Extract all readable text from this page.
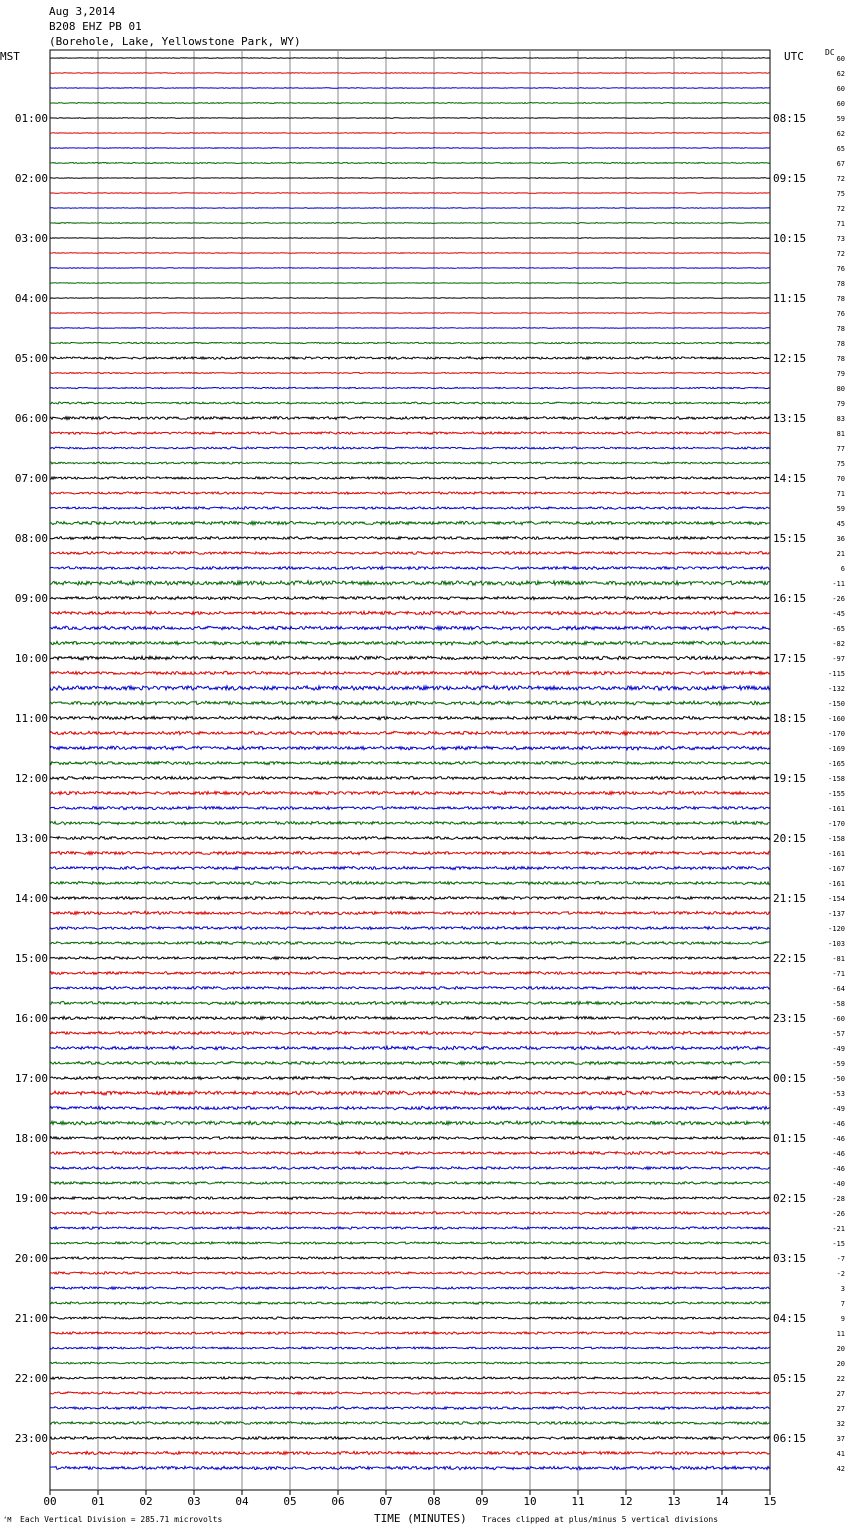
Aug 3,2014
B208 EHZ PB 01
(Borehole, Lake, Yellowstone Park, WY)
MST	UTC	DC
00	01	02	03	04	05	06	07	08	09	10	11	12	13	14	15
60
62
60
60
59
62
65
67
72
75
72
71
73
72
76
78
78
76
78
78
78
79
80
79
83
81
77
75
70
71
59
45
36
21
6
-11
-26
-45
-65
-82
-97
-115
-132
-150
-160
-170
-169
-165
-158
-155
-161
-170
-158
-161
-167
-161
-154
-137
-120
-103
-81
-71
-64
-58
-60
-57
-49
-59
-50
-53
-49
-46
-46
-46
-46
-40
-28
-26
-21
-15
-7
-2
3
7
9
11
20
20
22
27
27
32
37
41
42
01:00	08:15
02:00	09:15
03:00	10:15
04:00	11:15
05:00	12:15
06:00	13:15
07:00	14:15
08:00	15:15
09:00	16:15
10:00	17:15
11:00	18:15
12:00	19:15
13:00	20:15
14:00	21:15
15:00	22:15
16:00	23:15
17:00	00:15
18:00	01:15
19:00	02:15
20:00	03:15
21:00	04:15
22:00	05:15
23:00	06:15
‘M Each Vertical Division = 285.71 microvolts	TIME (MINUTES) Traces clipped at plus/minus 5 vertical divisions
